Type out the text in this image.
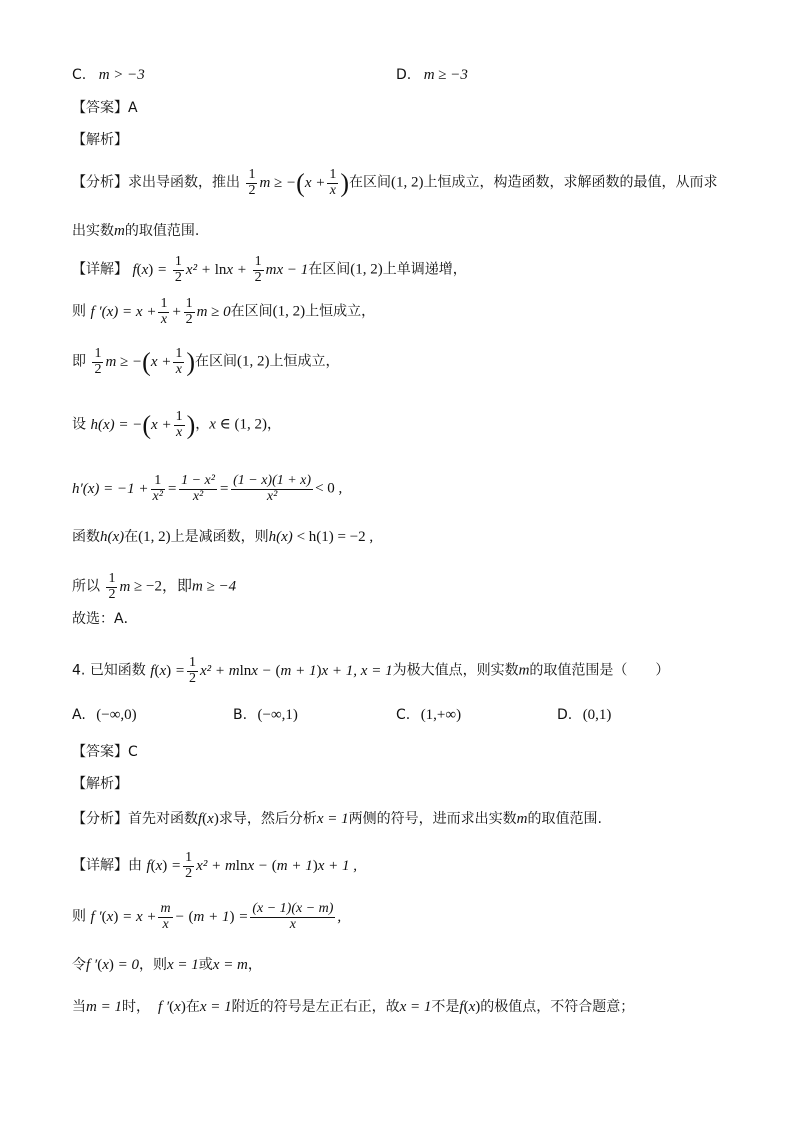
C. m > −3	D. m ≥ −3
【答案】A
【解析】
【分析】求出导函数，推出 $\frac{1}{2}$ $m \ge -(x + \frac{1}{x}$ )在区间(1, 2)上恒成立，构造函数，求解函数的最值，从而求
出实数m的取值范围.
【详解】 $f(x) = \frac{1}{2} x^2 + \ln x + \frac{1}{2}$ mx − 1在区间(1, 2)上单调递增，
则 f $'(x) = x + \frac{1}{x} + \frac{1}{2}$ m ≥ 0在区间(1, 2)上恒成立，
即 $\frac{1}{2}$ $m \ge -(x + \frac{1}{x}$ )在区间(1, 2)上恒成立，
设 $h(x) = -(x + \frac{1}{x}$ )，x ∈ (1, 2)，
$h'(x) = -1 + \frac{1}{\text{x²}} = \frac{\text{1 − x²}}{\text{x²}} = \frac{(1 - x)(1 + x)}{\text{x²}} < 0$ ,
函数h(x)在(1, 2)上是减函数，则h(x) < h(1) = −2 ,
所以 $\frac{1}{2}$ m ≥ −2，即m ≥ −4
故选：A．
4. 已知函数 $f(x) = \frac{1}{2} x^2 + mlnx - (m + 1)x + 1$, x = 1为极大值点，则实数m的取值范围是（　　）
A. (−∞,0)	B. (−∞,1)	C. (1,+∞)	D. (0,1)
【答案】C
【解析】
【分析】首先对函数f(x)求导，然后分析x = 1两侧的符号，进而求出实数m的取值范围.
【详解】由 $f(x) = \frac{1}{2} x^2 + mlnx - (m + 1)x + 1$ ,
则 f $'(x) = x + \frac{m}{x} - (m + 1) = \frac{(x - 1)(x - m)}{x}$ ,
令f ′(x) = 0，则x = 1或x = m，
当m = 1时， f ′(x)在x = 1附近的符号是左正右正，故x = 1不是f(x)的极值点，不符合题意；
